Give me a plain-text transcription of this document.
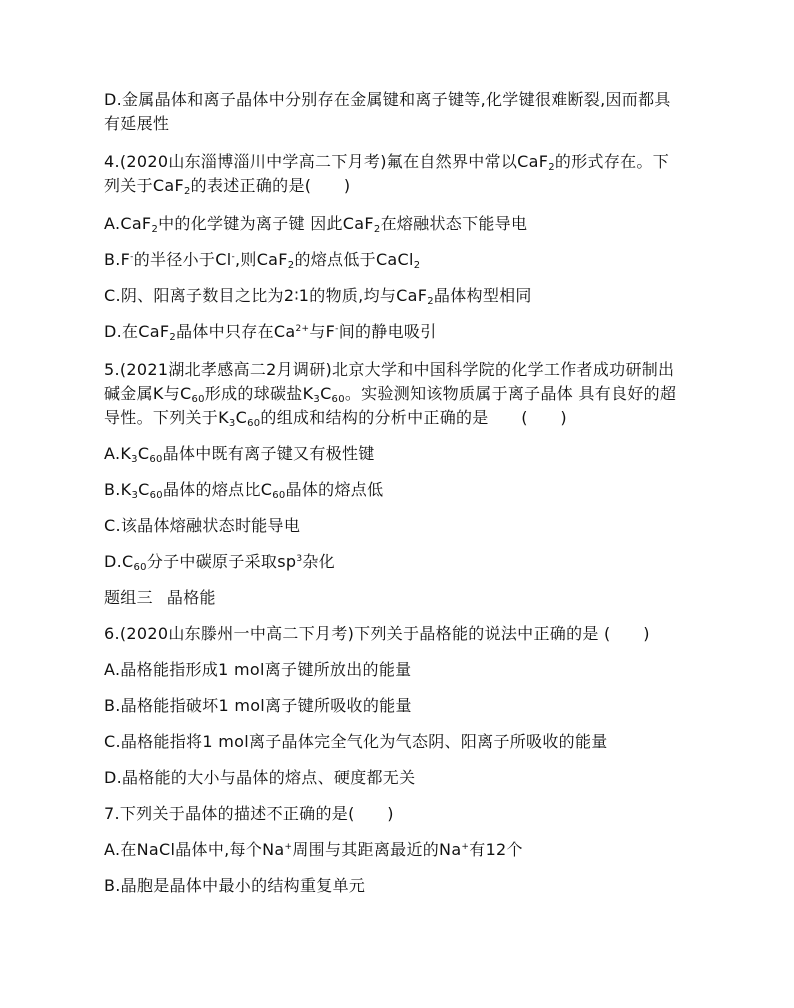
D.金属晶体和离子晶体中分别存在金属键和离子键等,化学键很难断裂,因而都具
有延展性
4.(2020山东淄博淄川中学高二下月考)氟在自然界中常以CaF$_2$的形式存在。下
列关于CaF$_2$的表述正确的是(　　)
A.CaF$_2$中的化学键为离子键 因此CaF$_2$在熔融状态下能导电
B.F-的半径小于Cl-,则CaF$_2$的熔点低于CaCl$_2$
C.阴、阳离子数目之比为2∶1的物质,均与CaF$_2$晶体构型相同
D.在CaF$_2$晶体中只存在$Ca^{2+}$与F-间的静电吸引
5.(2021湖北孝感高二2月调研)北京大学和中国科学院的化学工作者成功研制出
碱金属K与$C_{60}$形成的球碳盐$K_3C_{60}$。实验测知该物质属于离子晶体 具有良好的超
导性。下列关于$K_3C_{60}$的组成和结构的分析中正确的是　　(　　)
$A.K_3C_{60}$晶体中既有离子键又有极性键
$B.K_3C_{60}$晶体的熔点比$C_{60}$晶体的熔点低
C.该晶体熔融状态时能导电
$D.C_{60}$分子中碳原子采取$sp^3$杂化
题组三 晶格能
6.(2020山东滕州一中高二下月考)下列关于晶格能的说法中正确的是 (　　)
A.晶格能指形成1 mol离子键所放出的能量
B.晶格能指破坏1 mol离子键所吸收的能量
C.晶格能指将1 mol离子晶体完全气化为气态阴、阳离子所吸收的能量
D.晶格能的大小与晶体的熔点、硬度都无关
7.下列关于晶体的描述不正确的是(　　)
A.在NaCl晶体中,每个Na+周围与其距离最近的Na+有12个
B.晶胞是晶体中最小的结构重复单元
